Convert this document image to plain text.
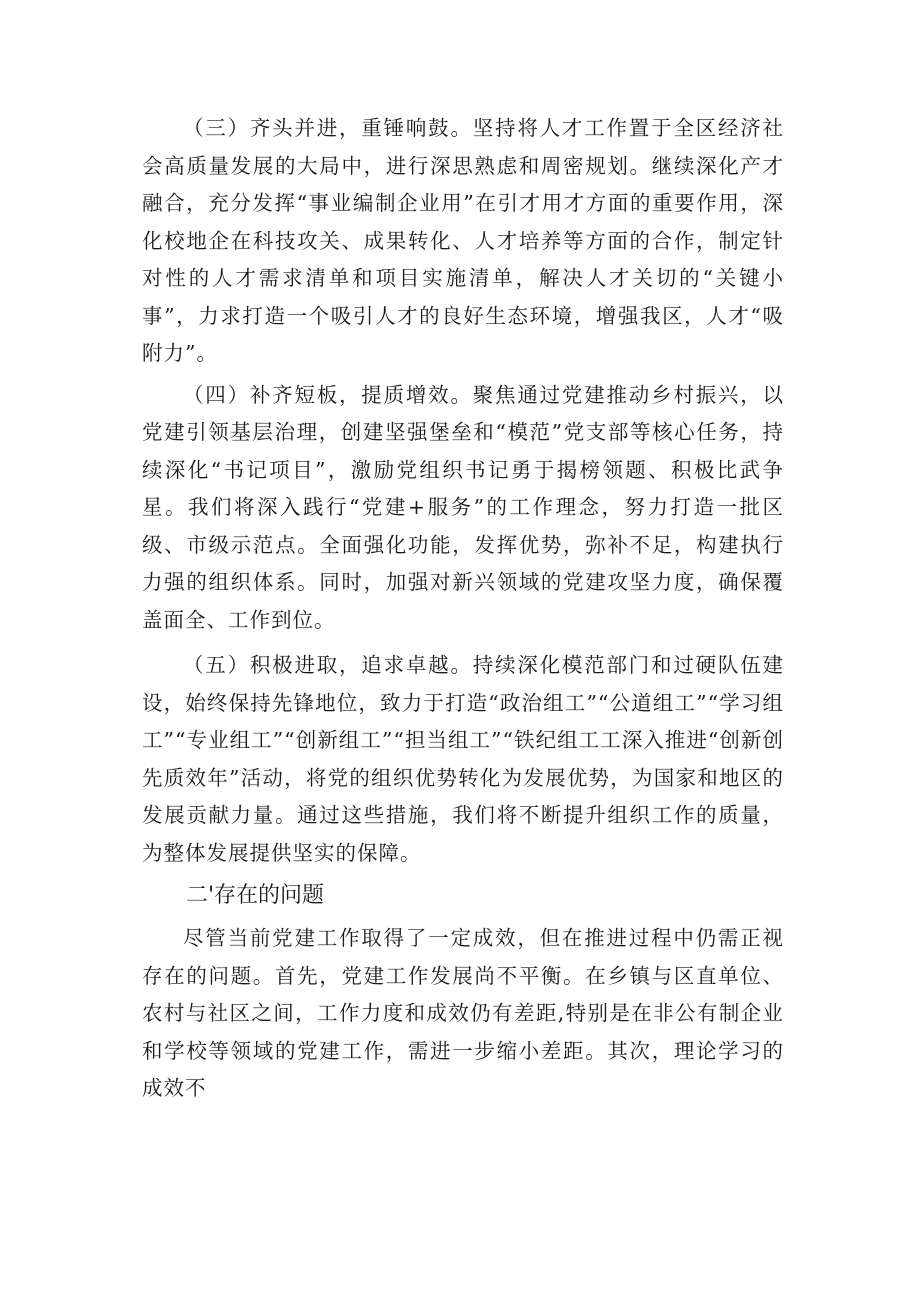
（三）齐头并进，重锤响鼓。坚持将人才工作置于全区经济社会高质量发展的大局中，进行深思熟虑和周密规划。继续深化产才融合，充分发挥“事业编制企业用”在引才用才方面的重要作用，深化校地企在科技攻关、成果转化、人才培养等方面的合作，制定针对性的人才需求清单和项目实施清单，解决人才关切的“关键小事”，力求打造一个吸引人才的良好生态环境，增强我区，人才“吸附力”。

（四）补齐短板，提质增效。聚焦通过党建推动乡村振兴，以党建引领基层治理，创建坚强堡垒和“模范”党支部等核心任务，持续深化“书记项目”，激励党组织书记勇于揭榜领题、积极比武争星。我们将深入践行“党建+服务”的工作理念，努力打造一批区级、市级示范点。全面强化功能，发挥优势，弥补不足，构建执行力强的组织体系。同时，加强对新兴领域的党建攻坚力度，确保覆盖面全、工作到位。

（五）积极进取，追求卓越。持续深化模范部门和过硬队伍建设，始终保持先锋地位，致力于打造“政治组工”“公道组工”“学习组工”“专业组工”“创新组工”“担当组工”“铁纪组工工深入推进“创新创先质效年”活动，将党的组织优势转化为发展优势，为国家和地区的发展贡献力量。通过这些措施，我们将不断提升组织工作的质量，为整体发展提供坚实的保障。

二'存在的问题

尽管当前党建工作取得了一定成效，但在推进过程中仍需正视存在的问题。首先，党建工作发展尚不平衡。在乡镇与区直单位、农村与社区之间，工作力度和成效仍有差距,特别是在非公有制企业和学校等领域的党建工作，需进一步缩小差距。其次，理论学习的成效不
